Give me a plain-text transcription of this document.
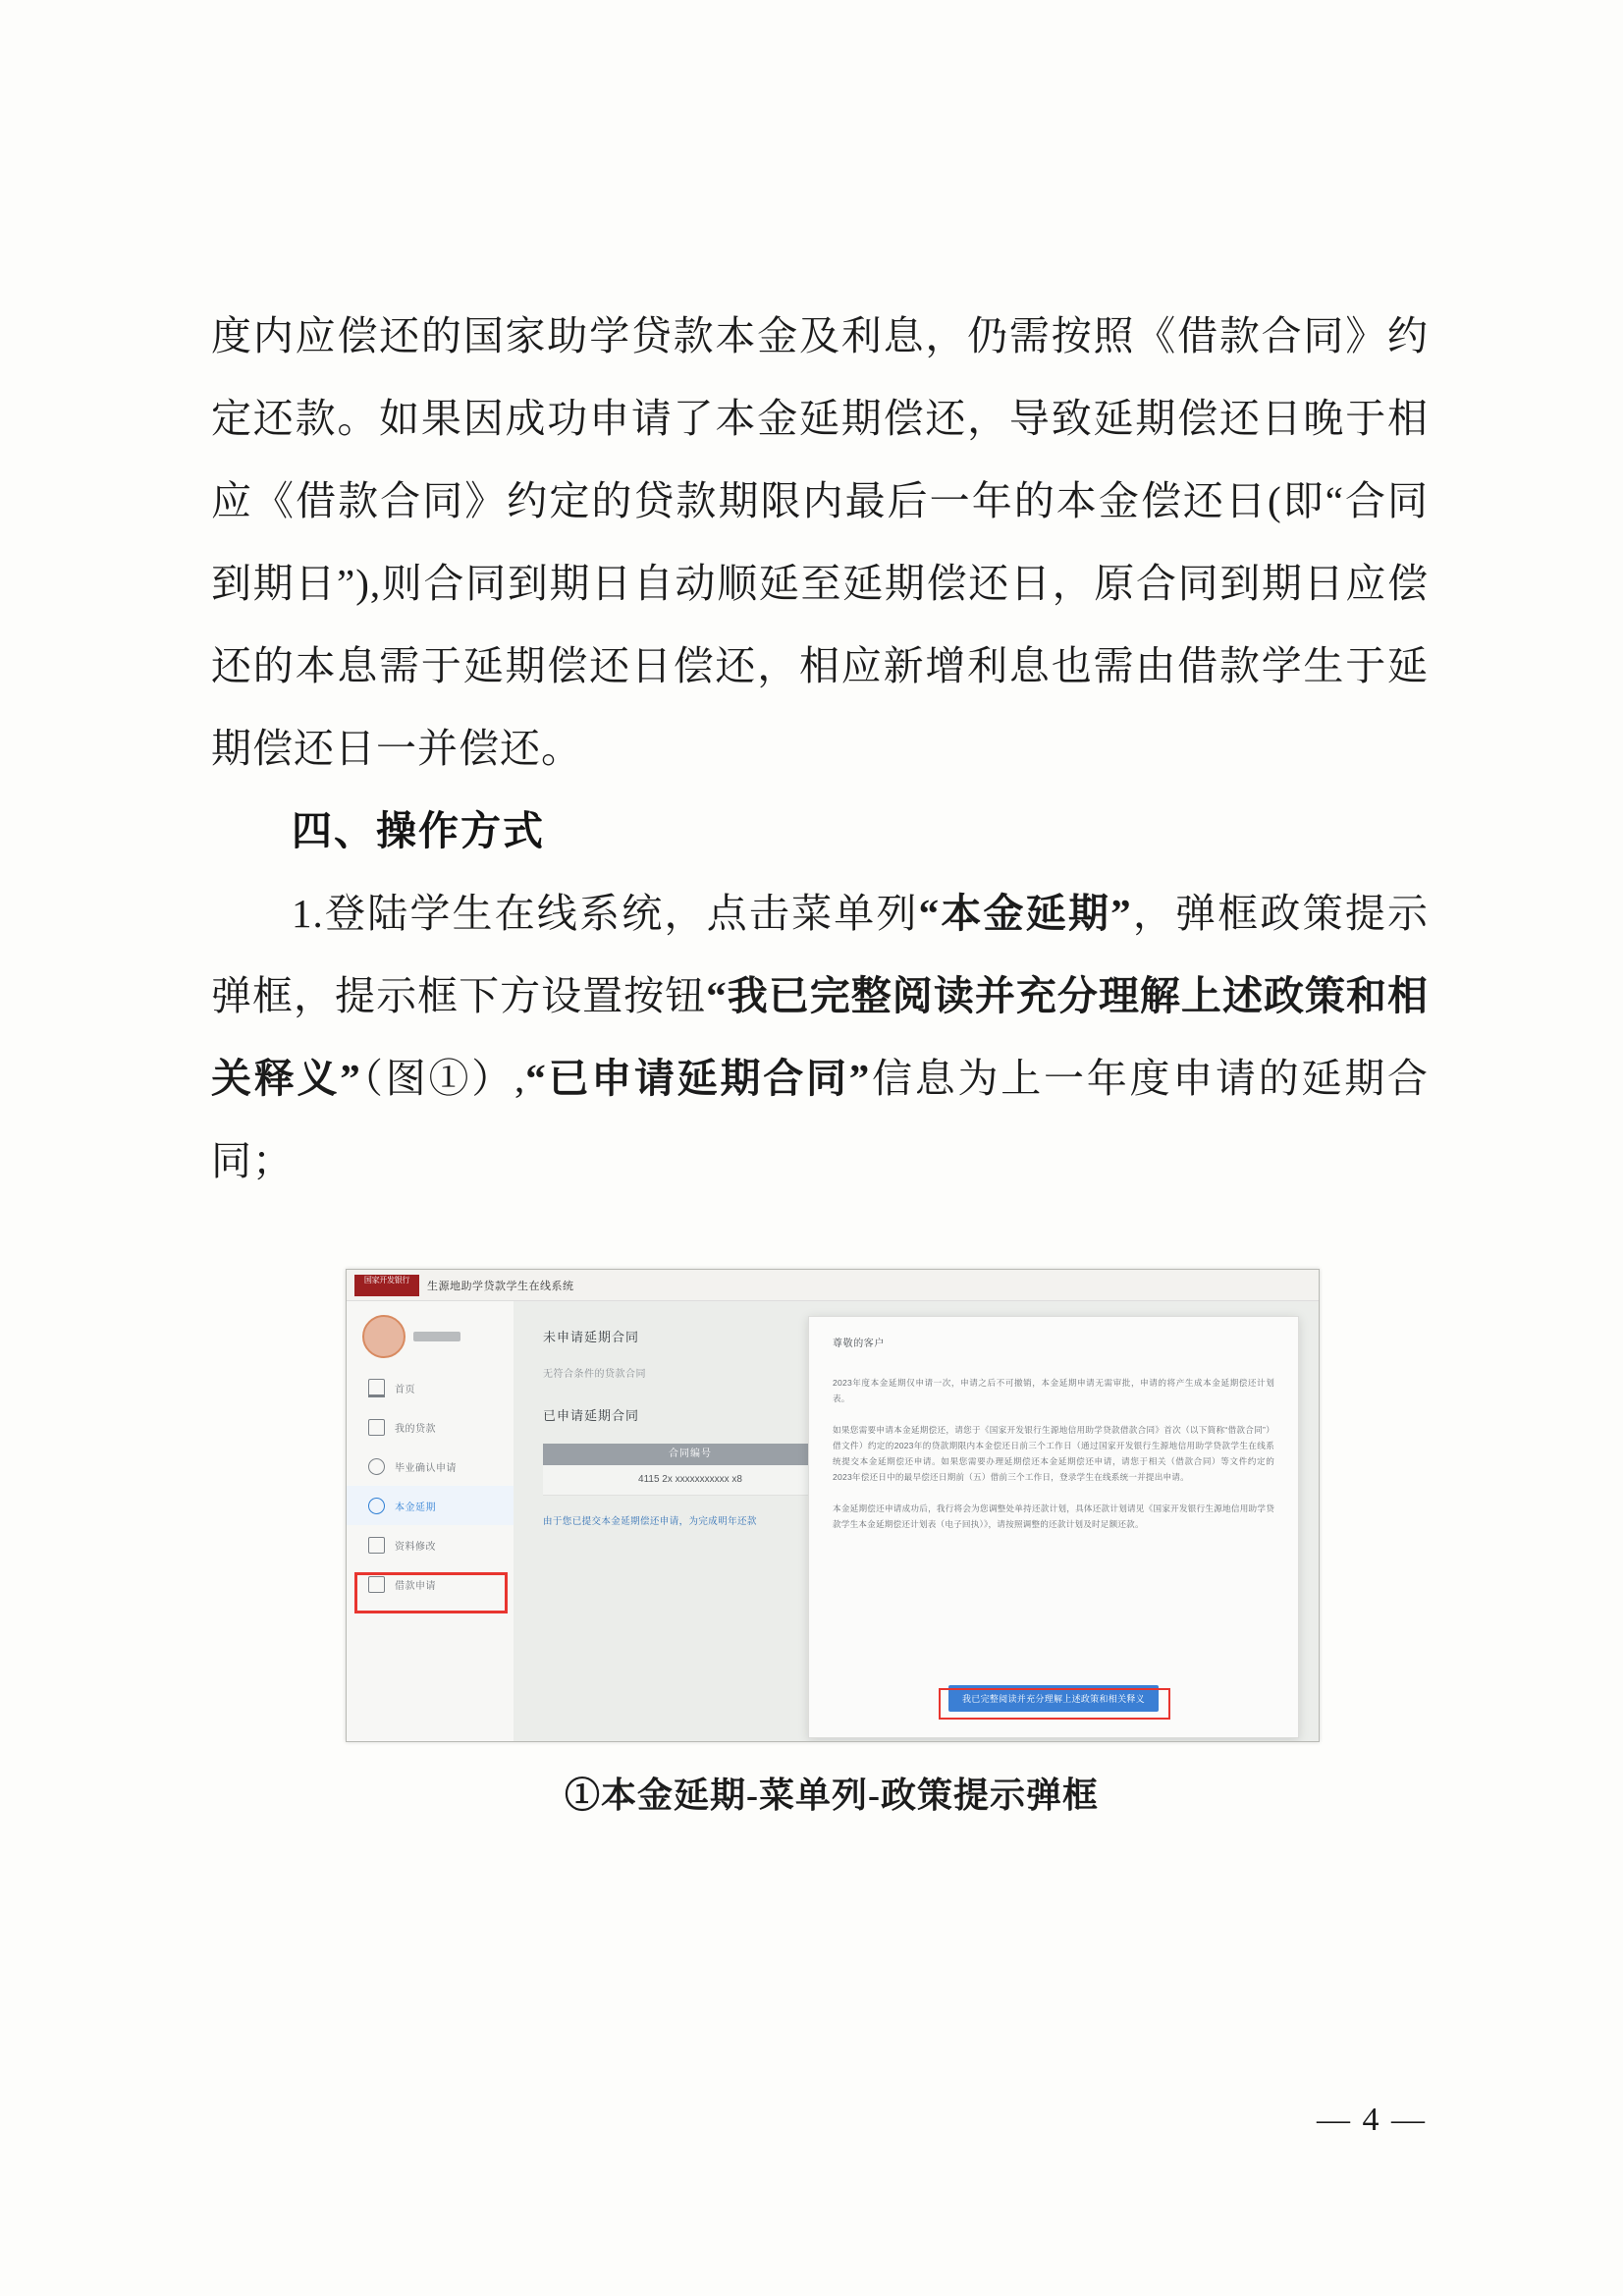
度内应偿还的国家助学贷款本金及利息，仍需按照《借款合同》约定还款。如果因成功申请了本金延期偿还，导致延期偿还日晚于相应《借款合同》约定的贷款期限内最后一年的本金偿还日(即“合同到期日”),则合同到期日自动顺延至延期偿还日，原合同到期日应偿还的本息需于延期偿还日偿还，相应新增利息也需由借款学生于延期偿还日一并偿还。
四、操作方式
1.登陆学生在线系统，点击菜单列“本金延期”，弹框政策提示弹框，提示框下方设置按钮“我已完整阅读并充分理解上述政策和相关释义”（图①）,“已申请延期合同”信息为上一年度申请的延期合同；
国家开发银行
生源地助学贷款学生在线系统
首页
我的贷款
毕业确认申请
本金延期
资料修改
借款申请
未申请延期合同
无符合条件的贷款合同
已申请延期合同
合同编号
4115 2x xxxxxxxxxxx x8
由于您已提交本金延期偿还申请，为完成明年还款
尊敬的客户
2023年度本金延期仅申请一次，申请之后不可撤销，本金延期申请无需审批，申请的将产生成本金延期偿还计划表。
如果您需要申请本金延期偿还，请您于《国家开发银行生源地信用助学贷款借款合同》首次（以下简称“借款合同”）借文件）约定的2023年的贷款期限内本金偿还日前三个工作日（通过国家开发银行生源地信用助学贷款学生在线系统提交本金延期偿还申请。如果您需要办理延期偿还本金延期偿还申请，请您于相关（借款合同）等文件约定的2023年偿还日中的最早偿还日期前（五）借前三个工作日，登录学生在线系统一并提出申请。
本金延期偿还申请成功后，我行将会为您调整处单持还款计划，具体还款计划请见《国家开发银行生源地信用助学贷款学生本金延期偿还计划表（电子回执）》，请按照调整的还款计划及时足额还款。
我已完整阅读并充分理解上述政策和相关释义
①本金延期-菜单列-政策提示弹框
— 4 —
